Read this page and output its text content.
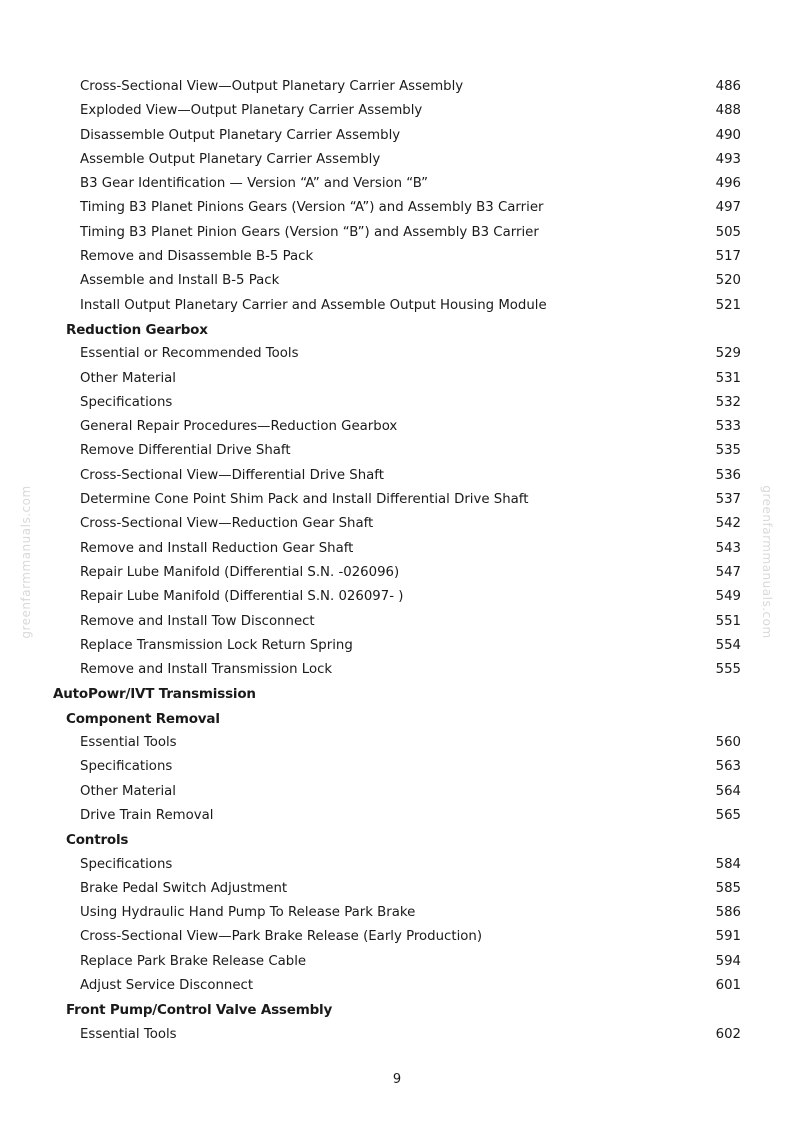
Cross-Sectional View—Output Planetary Carrier Assembly	486
Exploded View—Output Planetary Carrier Assembly	488
Disassemble Output Planetary Carrier Assembly	490
Assemble Output Planetary Carrier Assembly	493
B3 Gear Identification — Version “A” and Version “B”	496
Timing B3 Planet Pinions Gears (Version “A”) and Assembly B3 Carrier	497
Timing B3 Planet Pinion Gears (Version “B”) and Assembly B3 Carrier	505
Remove and Disassemble B-5 Pack	517
Assemble and Install B-5 Pack	520
Install Output Planetary Carrier and Assemble Output Housing Module	521
Reduction Gearbox
Essential or Recommended Tools	529
Other Material	531
Specifications	532
General Repair Procedures—Reduction Gearbox	533
Remove Differential Drive Shaft	535
Cross-Sectional View—Differential Drive Shaft	536
Determine Cone Point Shim Pack and Install Differential Drive Shaft	537
Cross-Sectional View—Reduction Gear Shaft	542
Remove and Install Reduction Gear Shaft	543
Repair Lube Manifold (Differential S.N. -026096)	547
Repair Lube Manifold (Differential S.N. 026097- )	549
Remove and Install Tow Disconnect	551
Replace Transmission Lock Return Spring	554
Remove and Install Transmission Lock	555
AutoPowr/IVT Transmission
Component Removal
Essential Tools	560
Specifications	563
Other Material	564
Drive Train Removal	565
Controls
Specifications	584
Brake Pedal Switch Adjustment	585
Using Hydraulic Hand Pump To Release Park Brake	586
Cross-Sectional View—Park Brake Release (Early Production)	591
Replace Park Brake Release Cable	594
Adjust Service Disconnect	601
Front Pump/Control Valve Assembly
Essential Tools	602
9
greenfarmmanuals.com	greenfarmmanuals.com
